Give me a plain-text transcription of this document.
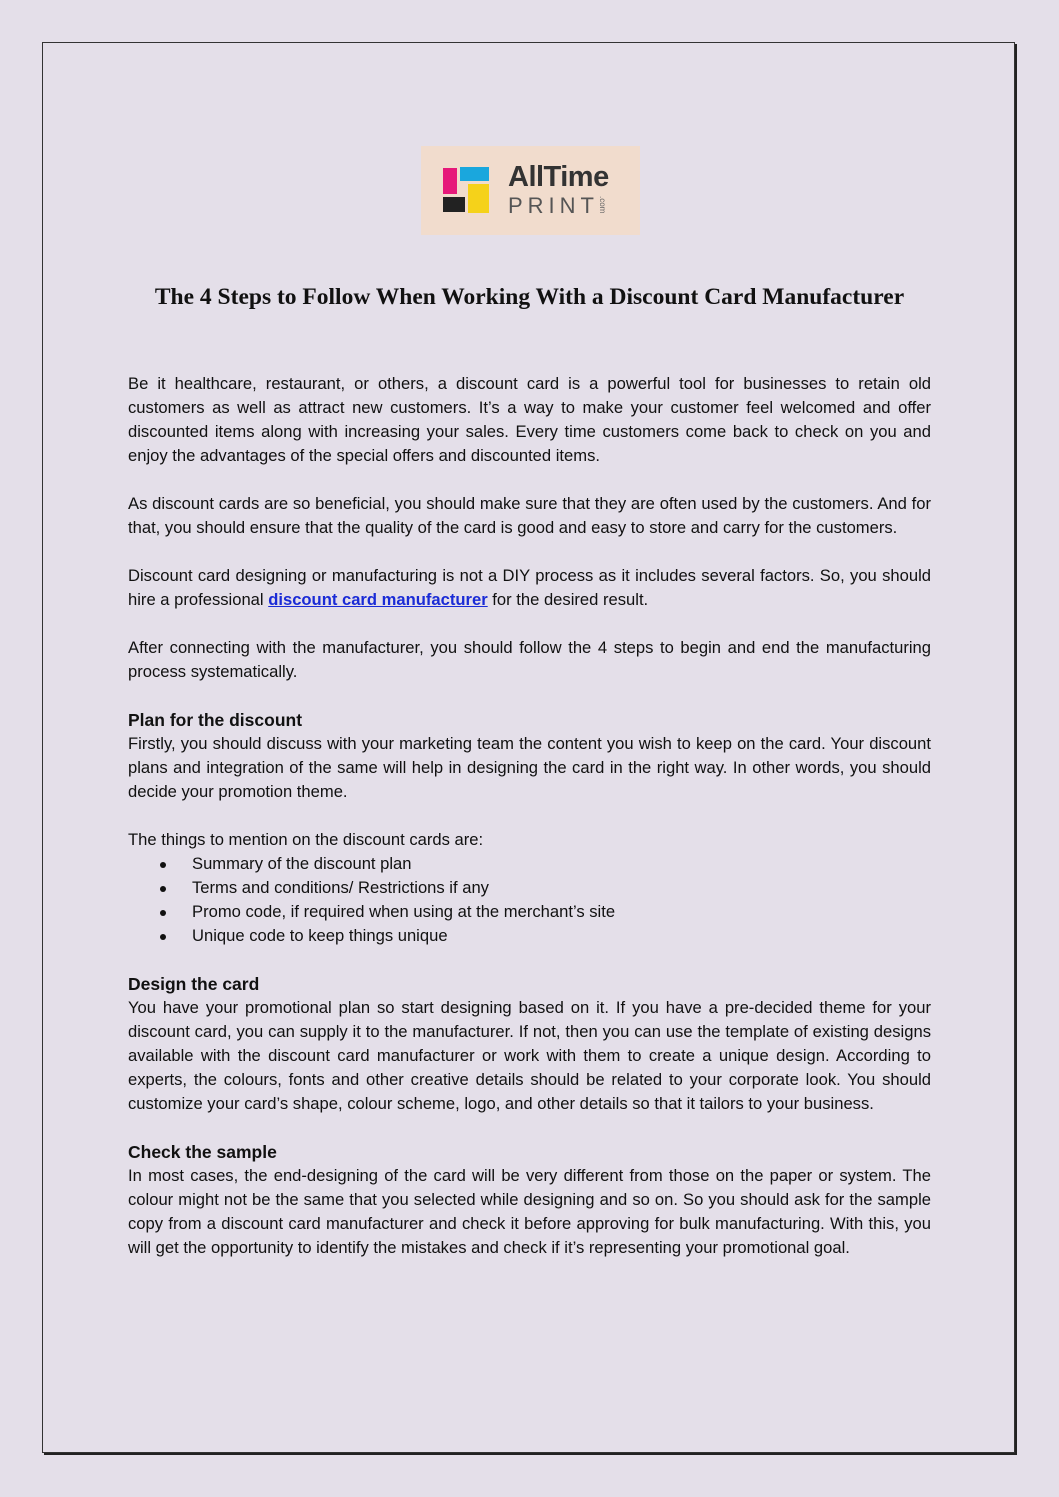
AllTime
PRINT .com
The 4 Steps to Follow When Working With a Discount Card Manufacturer

Be it healthcare, restaurant, or others, a discount card is a powerful tool for businesses to retain old customers as well as attract new customers. It’s a way to make your customer feel welcomed and offer discounted items along with increasing your sales. Every time customers come back to check on you and enjoy the advantages of the special offers and discounted items.

As discount cards are so beneficial, you should make sure that they are often used by the customers. And for that, you should ensure that the quality of the card is good and easy to store and carry for the customers.

Discount card designing or manufacturing is not a DIY process as it includes several factors. So, you should hire a professional discount card manufacturer for the desired result.

After connecting with the manufacturer, you should follow the 4 steps to begin and end the manufacturing process systematically.

Plan for the discount

Firstly, you should discuss with your marketing team the content you wish to keep on the card. Your discount plans and integration of the same will help in designing the card in the right way. In other words, you should decide your promotion theme.

The things to mention on the discount cards are:

Summary of the discount plan
Terms and conditions/ Restrictions if any
Promo code, if required when using at the merchant’s site
Unique code to keep things unique
Design the card

You have your promotional plan so start designing based on it. If you have a pre-decided theme for your discount card, you can supply it to the manufacturer. If not, then you can use the template of existing designs available with the discount card manufacturer or work with them to create a unique design. According to experts, the colours, fonts and other creative details should be related to your corporate look. You should customize your card’s shape, colour scheme, logo, and other details so that it tailors to your business.

Check the sample

In most cases, the end-designing of the card will be very different from those on the paper or system. The colour might not be the same that you selected while designing and so on. So you should ask for the sample copy from a discount card manufacturer and check it before approving for bulk manufacturing. With this, you will get the opportunity to identify the mistakes and check if it’s representing your promotional goal.
